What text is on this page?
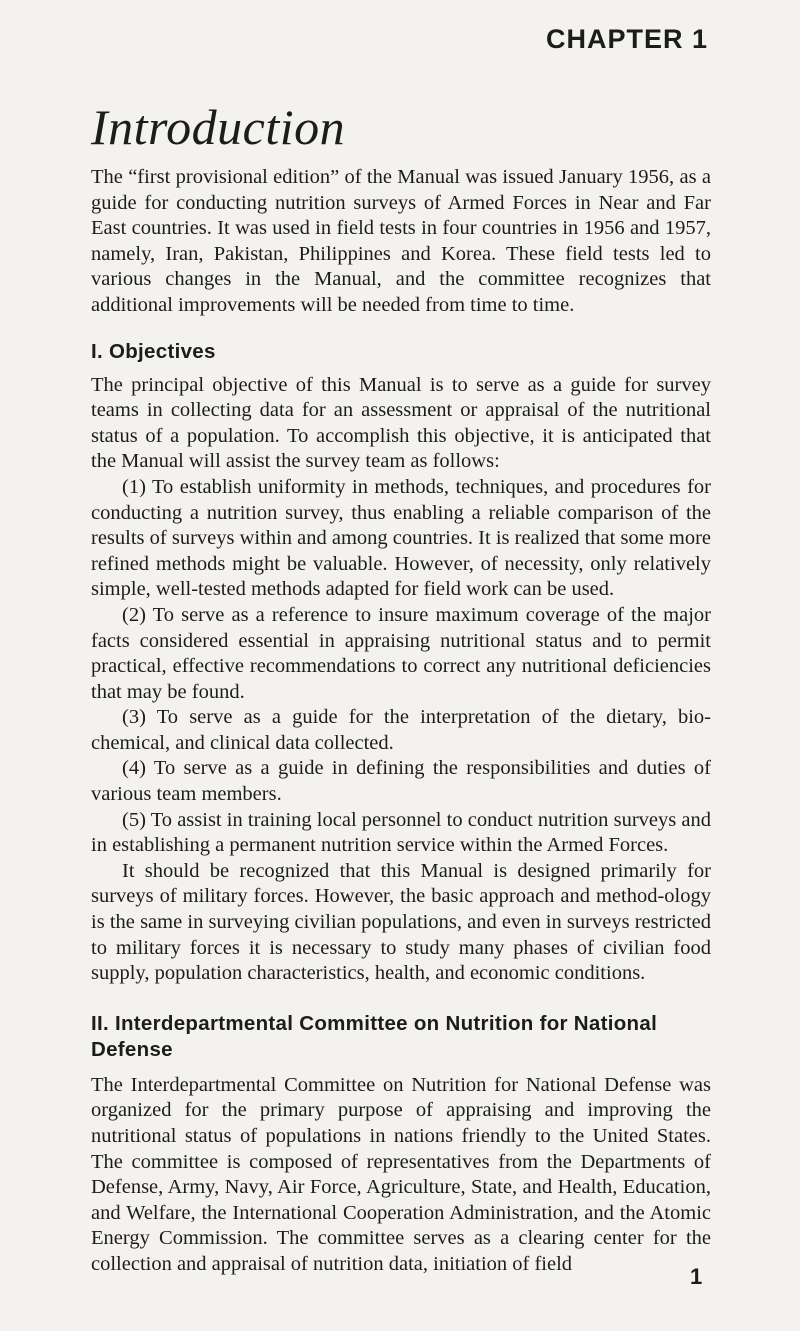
CHAPTER 1
Introduction

The “first provisional edition” of the Manual was issued January 1956, as a guide for conducting nutrition surveys of Armed Forces in Near and Far East countries. It was used in field tests in four countries in 1956 and 1957, namely, Iran, Pakistan, Philippines and Korea. These field tests led to various changes in the Manual, and the committee recognizes that additional improvements will be needed from time to time.

I. Objectives

The principal objective of this Manual is to serve as a guide for survey teams in collecting data for an assessment or appraisal of the nutritional status of a population. To accomplish this objective, it is anticipated that the Manual will assist the survey team as follows:

(1) To establish uniformity in methods, techniques, and procedures for conducting a nutrition survey, thus enabling a reliable comparison of the results of surveys within and among countries. It is realized that some more refined methods might be valuable. However, of necessity, only relatively simple, well-tested methods adapted for field work can be used.

(2) To serve as a reference to insure maximum coverage of the major facts considered essential in appraising nutritional status and to permit practical, effective recommendations to correct any nutritional deficiencies that may be found.

(3) To serve as a guide for the interpretation of the dietary, bio-chemical, and clinical data collected.

(4) To serve as a guide in defining the responsibilities and duties of various team members.

(5) To assist in training local personnel to conduct nutrition surveys and in establishing a permanent nutrition service within the Armed Forces.

It should be recognized that this Manual is designed primarily for surveys of military forces. However, the basic approach and method-ology is the same in surveying civilian populations, and even in surveys restricted to military forces it is necessary to study many phases of civilian food supply, population characteristics, health, and economic conditions.

II. Interdepartmental Committee on Nutrition for National Defense

The Interdepartmental Committee on Nutrition for National Defense was organized for the primary purpose of appraising and improving the nutritional status of populations in nations friendly to the United States. The committee is composed of representatives from the Departments of Defense, Army, Navy, Air Force, Agriculture, State, and Health, Education, and Welfare, the International Cooperation Administration, and the Atomic Energy Commission. The committee serves as a clearing center for the collection and appraisal of nutrition data, initiation of field

1
